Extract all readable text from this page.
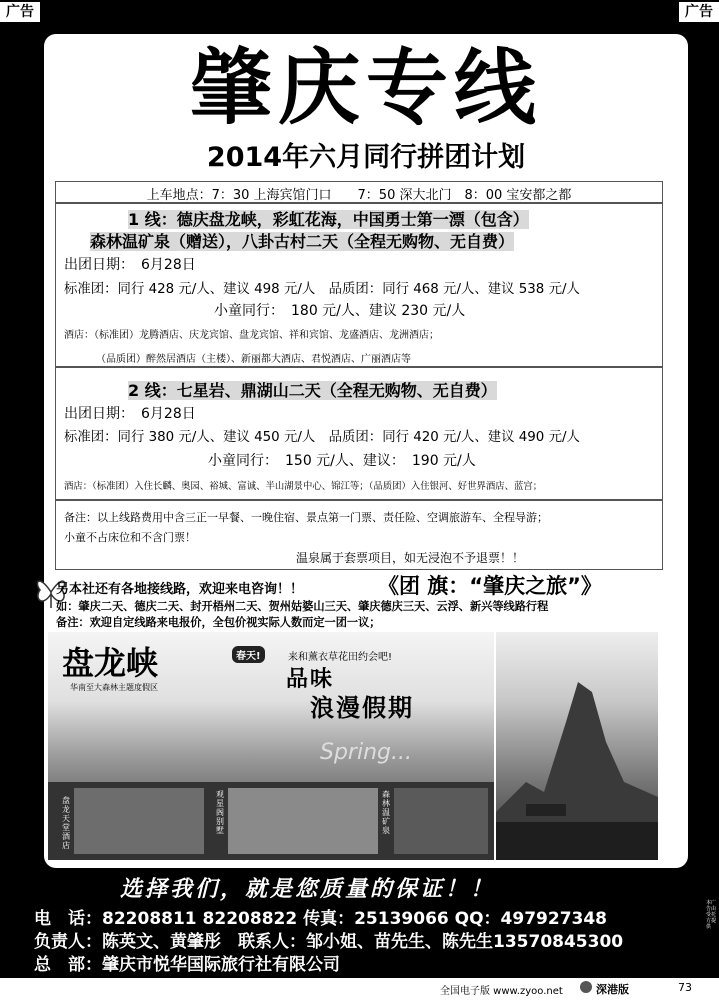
广告	广告
肇庆专线
2014年六月同行拼团计划
上车地点：7：30 上海宾馆门口　　7：50 深大北门　8：00 宝安都之都
1 线：德庆盘龙峡，彩虹花海，中国勇士第一漂（包含）
森林温矿泉（赠送），八卦古村二天（全程无购物、无自费）
出团日期：　6月28日
标准团：同行 428 元/人、建议 498 元/人　品质团：同行 468 元/人、建议 538 元/人
小童同行：　180 元/人、建议 230 元/人
酒店：（标准团）龙腾酒店、庆龙宾馆、盘龙宾馆、祥和宾馆、龙盛酒店、龙洲酒店；
（品质团）醉然居酒店（主楼）、新丽都大酒店、君悦酒店、广丽酒店等
2 线：七星岩、鼎湖山二天（全程无购物、无自费）
出团日期：　6月28日
标准团：同行 380 元/人、建议 450 元/人　品质团：同行 420 元/人、建议 490 元/人
小童同行：　150 元/人、建议：　190 元/人
酒店：（标准团）入住长麟、奥园、裕城、富诚、半山湖景中心、锦江等；（品质团）入住银河、好世界酒店、蓝宫；
备注：以上线路费用中含三正一早餐、一晚住宿、景点第一门票、责任险、空调旅游车、全程导游；
小童不占床位和不含门票！
温泉属于套票项目，如无浸泡不予退票！！
另本社还有各地接线路，欢迎来电咨询！！	《团 旗：“肇庆之旅”》
如：肇庆二天、德庆二天、封开梧州二天、贺州姑婆山三天、肇庆德庆三天、云浮、新兴等线路行程
备注：欢迎自定线路来电报价，全包价视实际人数而定一团一议；
盘龙峡
华南至大森林主题度假区
春天!	来和薰衣草花田约会吧!
品味
浪漫假期
Spring...
盘龙天堂酒店
观星阁别墅
森林温矿泉
选择我们，就是您质量的保证！！
电　话：82208811 82208822 传真：25139066 QQ：497927348
负责人：陈英文、黄肇彤　联系人：邹小姐、苗先生、陈先生13570845300
总　部：肇庆市悦华国际旅行社有限公司
全国电子版 www.zyoo.net	深港版	73
本广告由受托方提供
